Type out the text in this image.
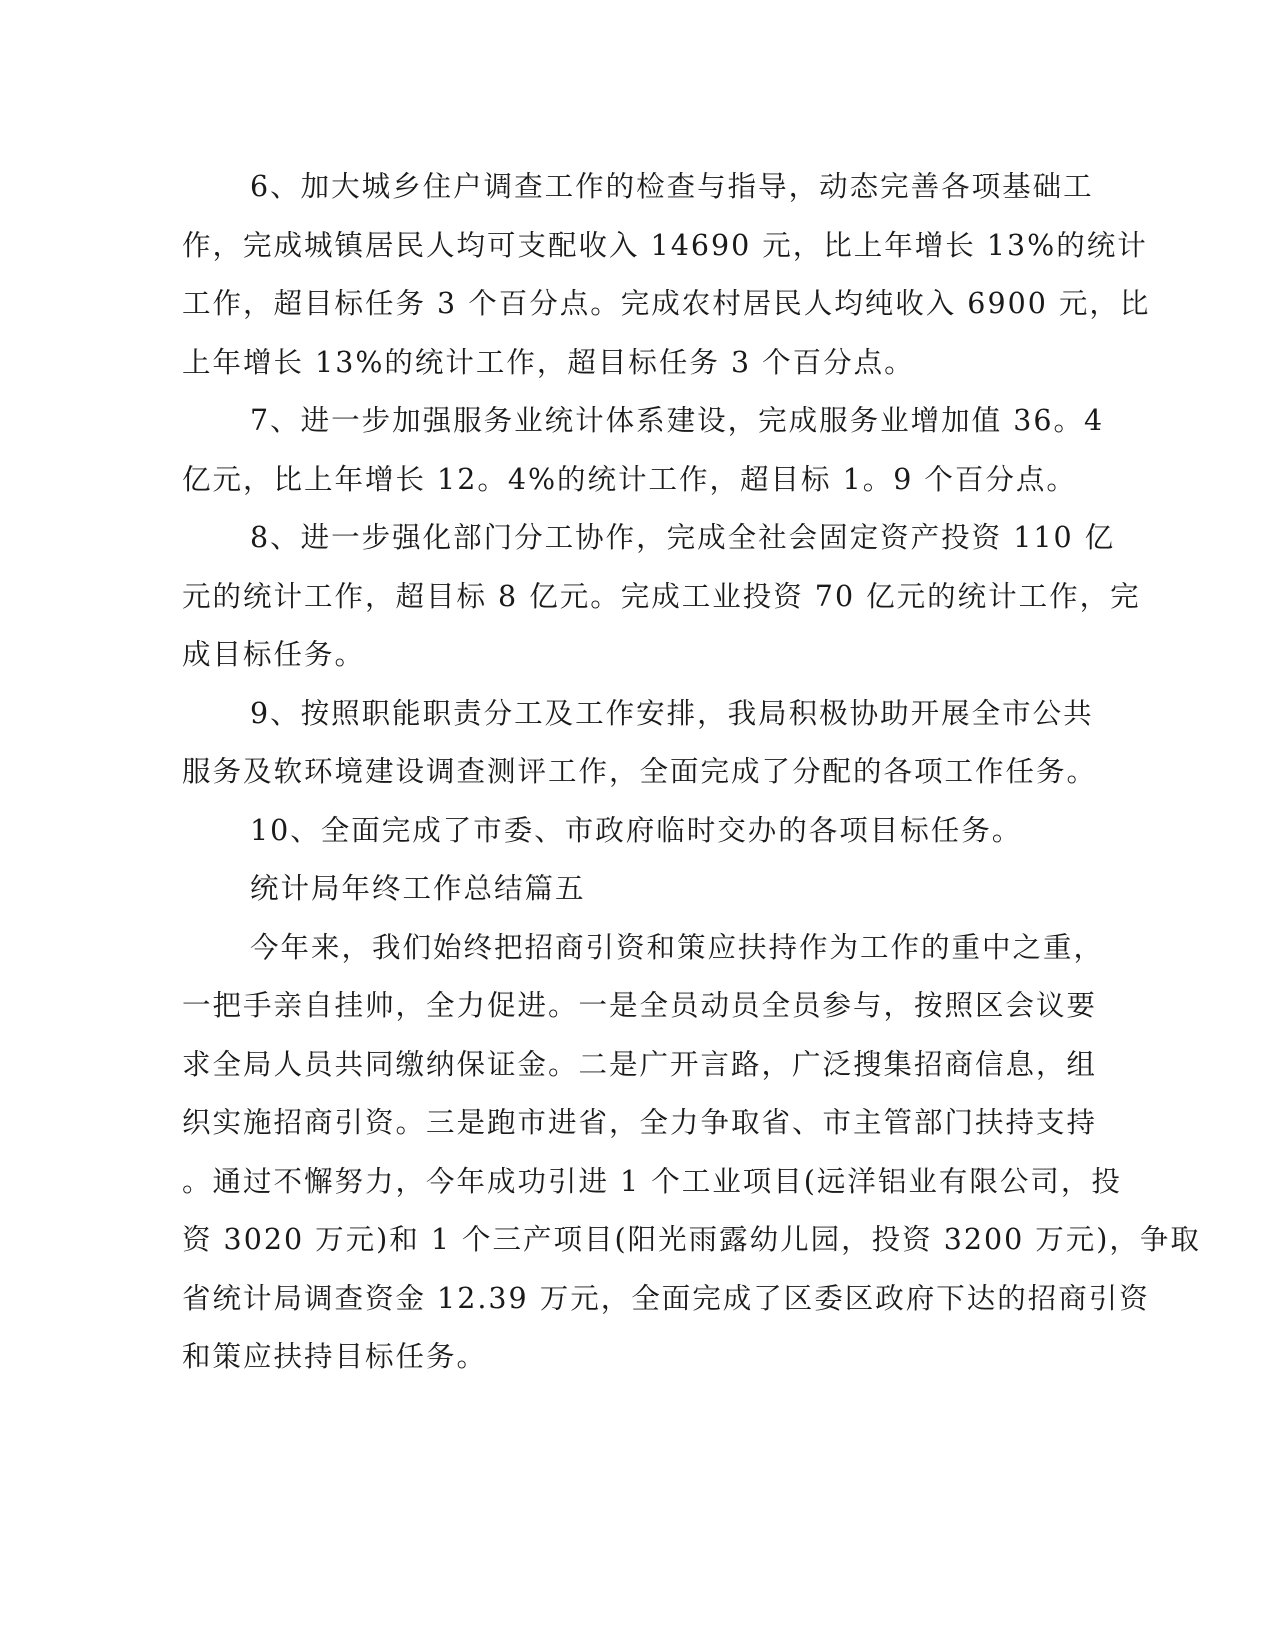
6、加大城乡住户调查工作的检查与指导，动态完善各项基础工
作，完成城镇居民人均可支配收入 14690 元，比上年增长 13%的统计
工作，超目标任务 3 个百分点。完成农村居民人均纯收入 6900 元，比
上年增长 13%的统计工作，超目标任务 3 个百分点。
7、进一步加强服务业统计体系建设，完成服务业增加值 36。4
亿元，比上年增长 12。4%的统计工作，超目标 1。9 个百分点。
8、进一步强化部门分工协作，完成全社会固定资产投资 110 亿
元的统计工作，超目标 8 亿元。完成工业投资 70 亿元的统计工作，完
成目标任务。
9、按照职能职责分工及工作安排，我局积极协助开展全市公共
服务及软环境建设调查测评工作，全面完成了分配的各项工作任务。
10、全面完成了市委、市政府临时交办的各项目标任务。
统计局年终工作总结篇五
今年来，我们始终把招商引资和策应扶持作为工作的重中之重，
一把手亲自挂帅，全力促进。一是全员动员全员参与，按照区会议要
求全局人员共同缴纳保证金。二是广开言路，广泛搜集招商信息，组
织实施招商引资。三是跑市进省，全力争取省、市主管部门扶持支持
。通过不懈努力，今年成功引进 1 个工业项目(远洋铝业有限公司，投
资 3020 万元)和 1 个三产项目(阳光雨露幼儿园，投资 3200 万元)，争取
省统计局调查资金 12.39 万元，全面完成了区委区政府下达的招商引资
和策应扶持目标任务。
